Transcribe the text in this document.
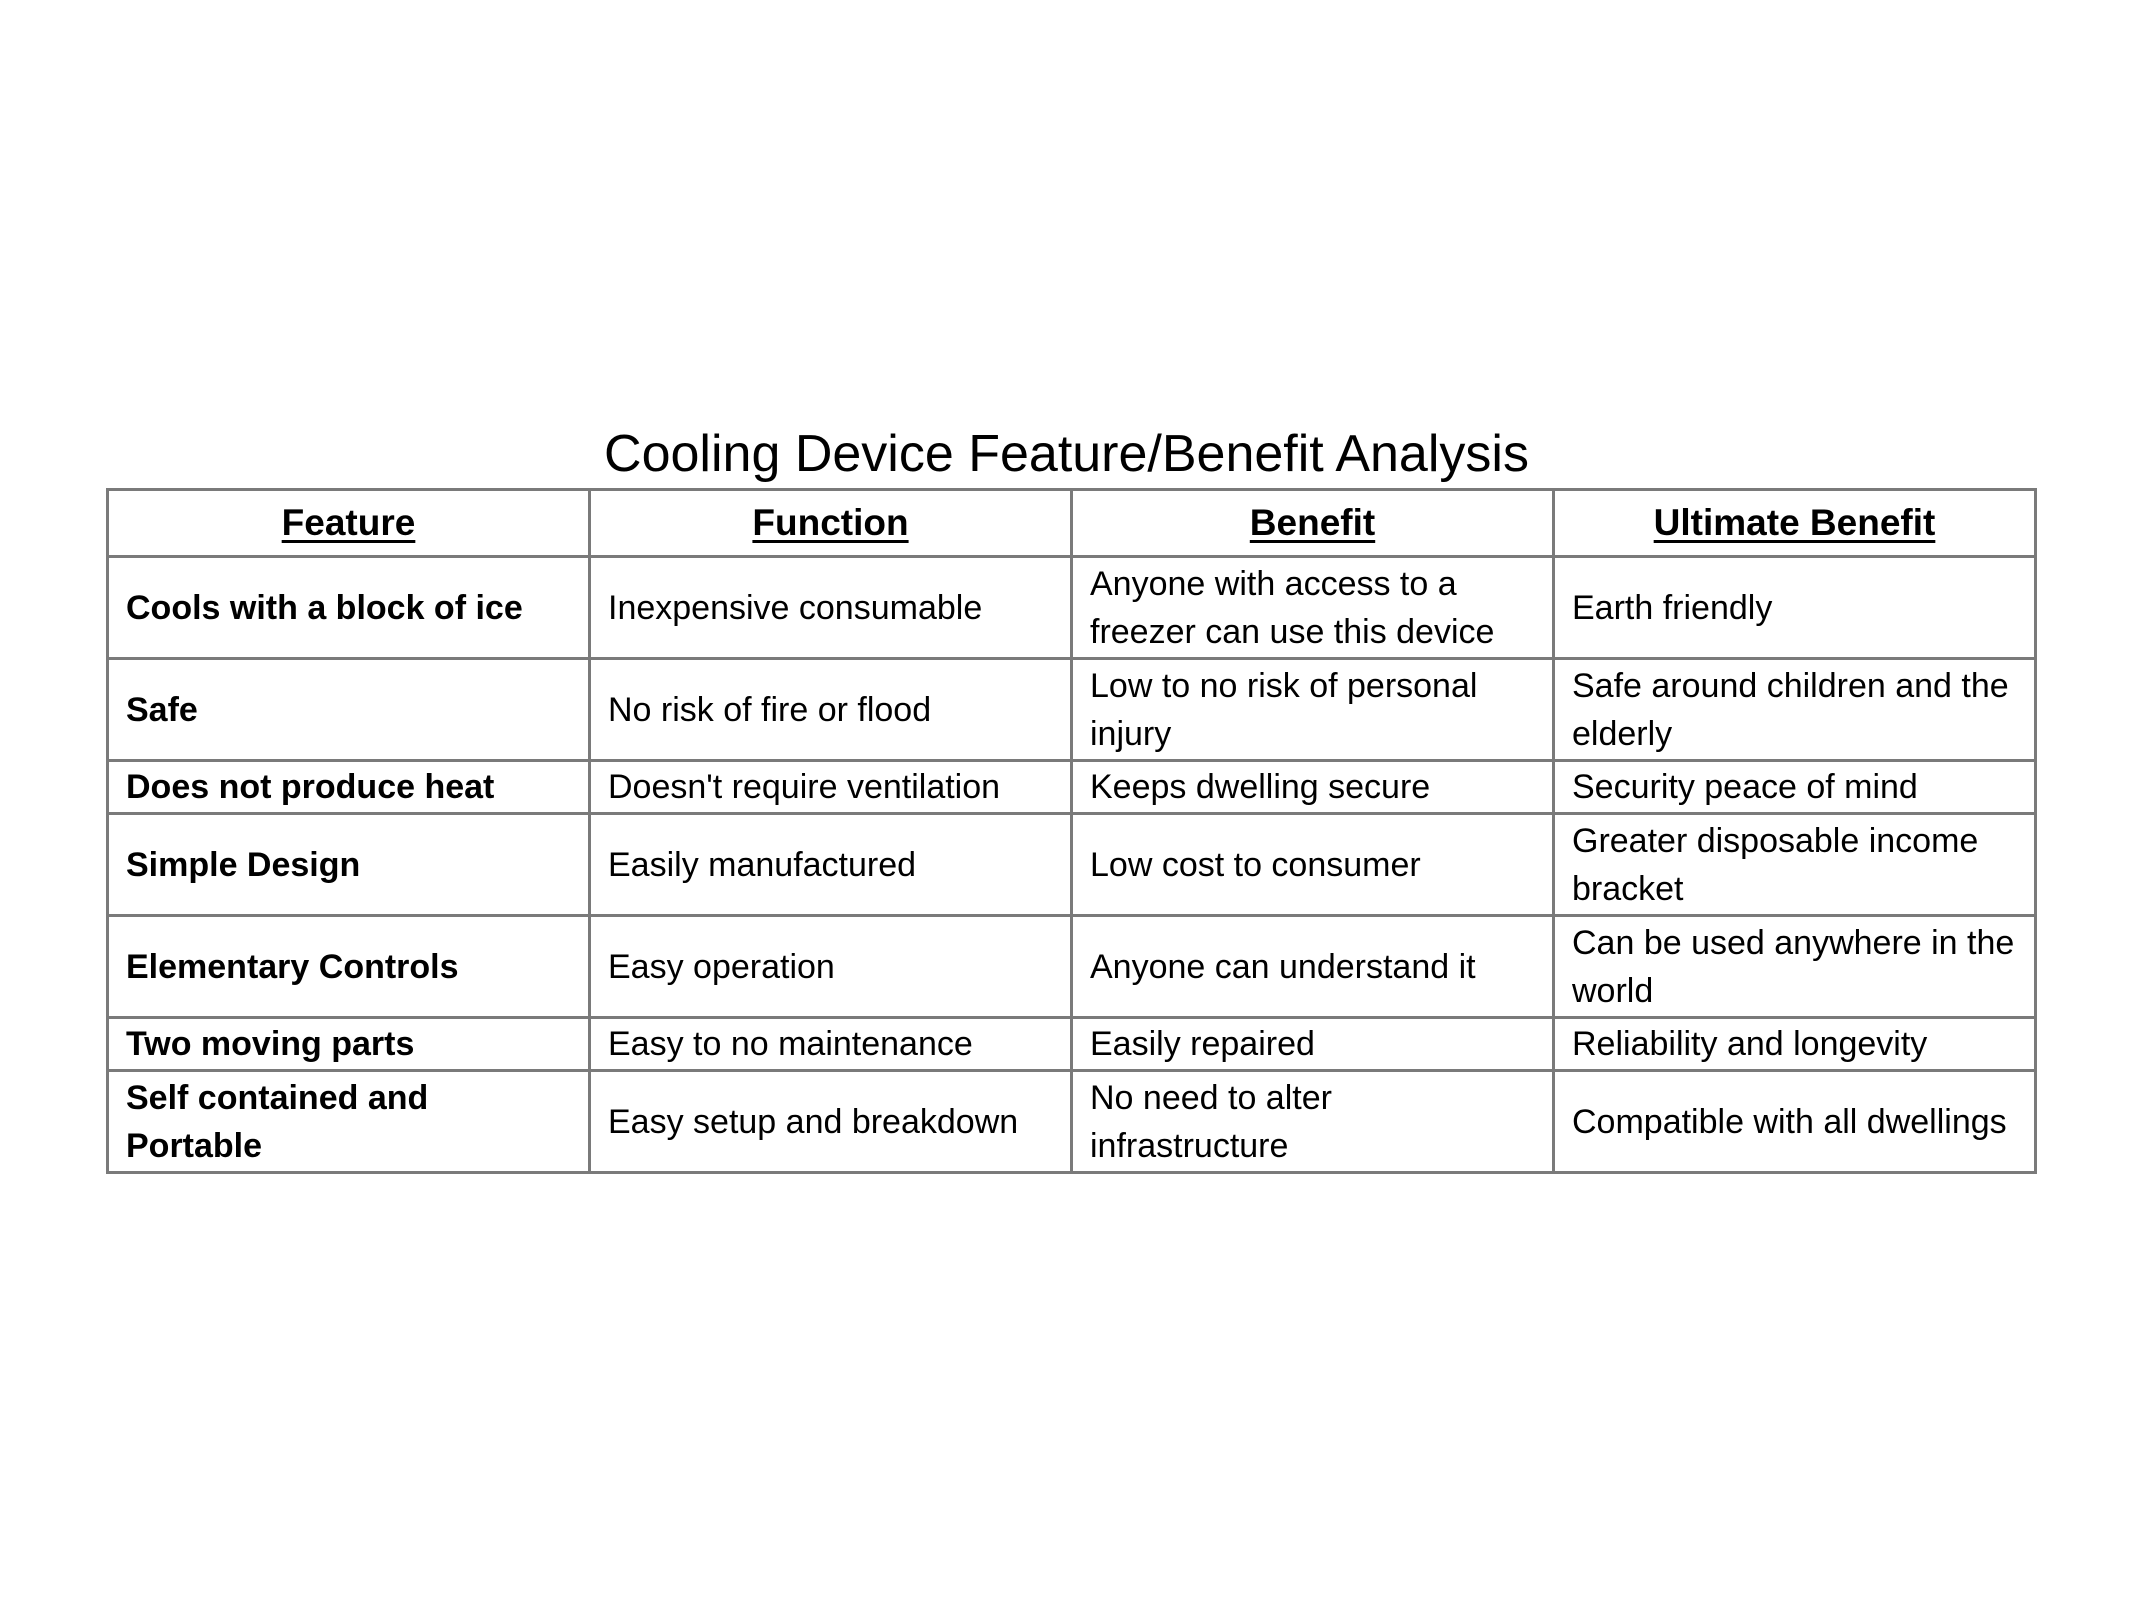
Cooling Device Feature/Benefit Analysis
Feature	Function	Benefit	Ultimate Benefit
Cools with a block of ice	Inexpensive consumable	Anyone with access to a freezer can use this device	Earth friendly
Safe	No risk of fire or flood	Low to no risk of personal injury	Safe around children and the elderly
Does not produce heat	Doesn't require ventilation	Keeps dwelling secure	Security peace of mind
Simple Design	Easily manufactured	Low cost to consumer	Greater disposable income bracket
Elementary Controls	Easy operation	Anyone can understand it	Can be used anywhere in the world
Two moving parts	Easy to no maintenance	Easily repaired	Reliability and longevity
Self contained and Portable	Easy setup and breakdown	No need to alter infrastructure	Compatible with all dwellings
